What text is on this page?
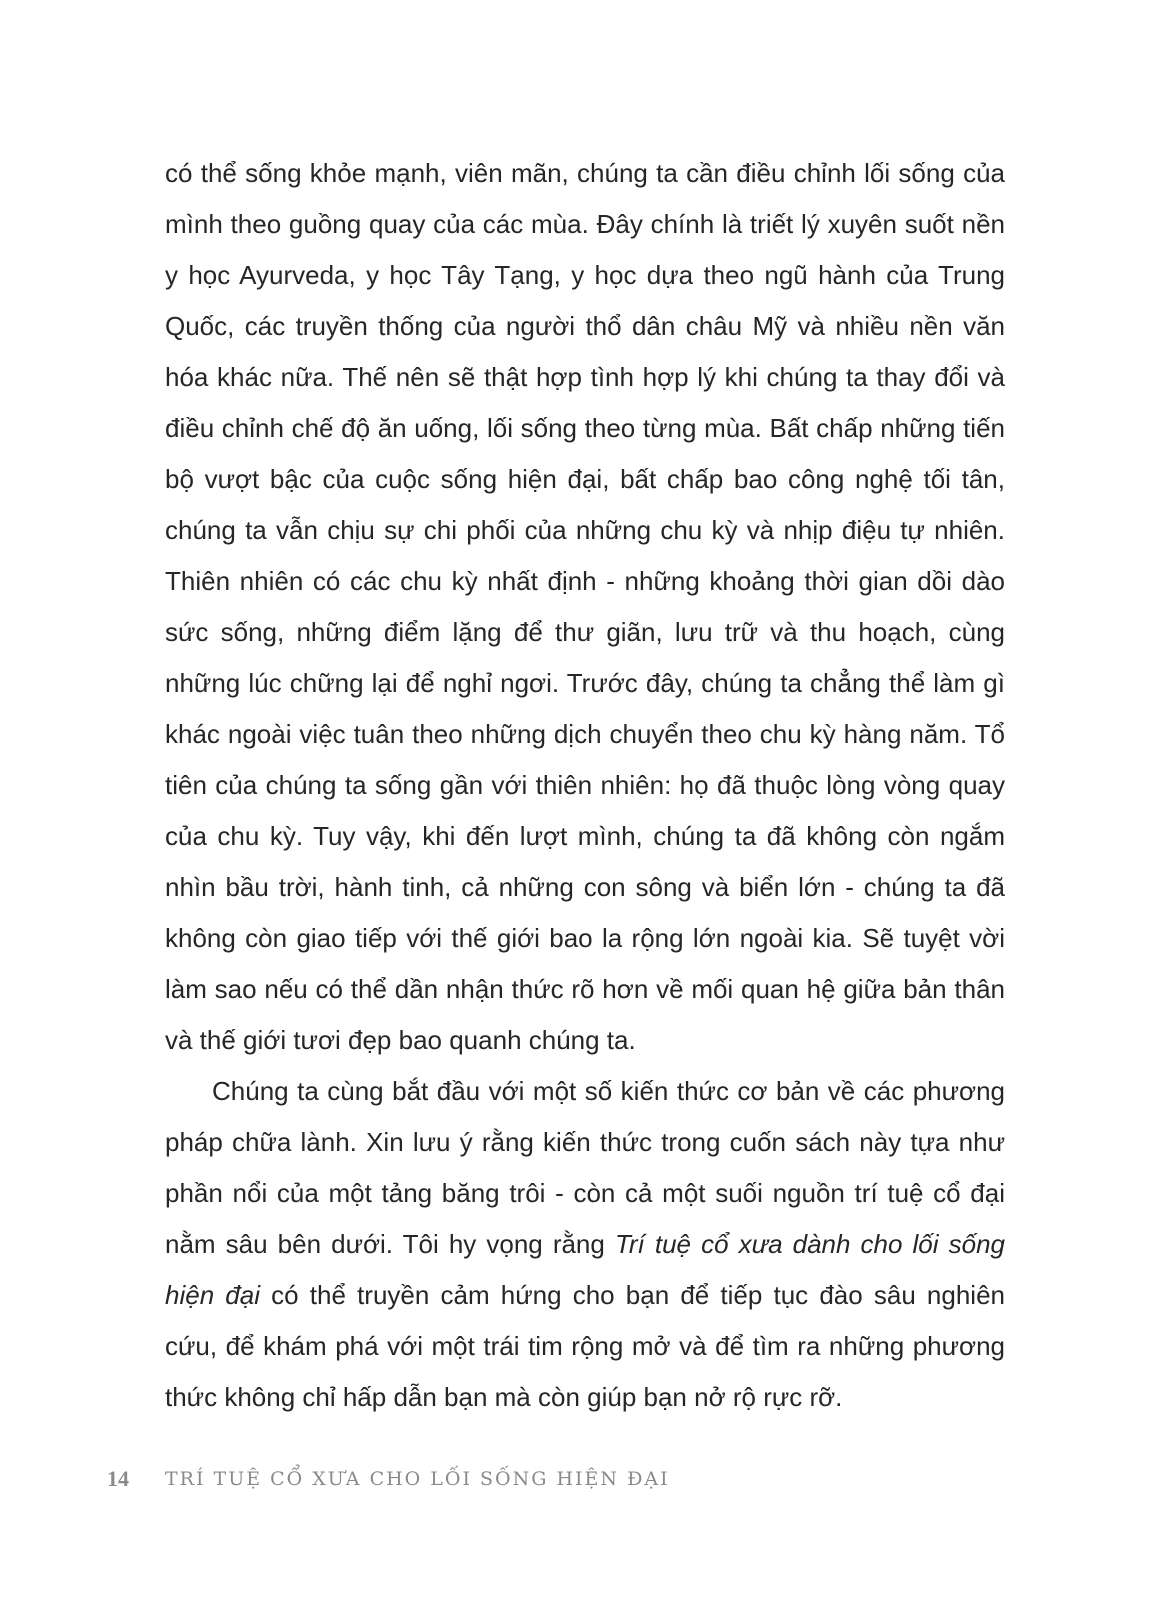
có thể sống khỏe mạnh, viên mãn, chúng ta cần điều chỉnh lối sống của mình theo guồng quay của các mùa. Đây chính là triết lý xuyên suốt nền y học Ayurveda, y học Tây Tạng, y học dựa theo ngũ hành của Trung Quốc, các truyền thống của người thổ dân châu Mỹ và nhiều nền văn hóa khác nữa. Thế nên sẽ thật hợp tình hợp lý khi chúng ta thay đổi và điều chỉnh chế độ ăn uống, lối sống theo từng mùa. Bất chấp những tiến bộ vượt bậc của cuộc sống hiện đại, bất chấp bao công nghệ tối tân, chúng ta vẫn chịu sự chi phối của những chu kỳ và nhịp điệu tự nhiên. Thiên nhiên có các chu kỳ nhất định - những khoảng thời gian dồi dào sức sống, những điểm lặng để thư giãn, lưu trữ và thu hoạch, cùng những lúc chững lại để nghỉ ngơi. Trước đây, chúng ta chẳng thể làm gì khác ngoài việc tuân theo những dịch chuyển theo chu kỳ hàng năm. Tổ tiên của chúng ta sống gần với thiên nhiên: họ đã thuộc lòng vòng quay của chu kỳ. Tuy vậy, khi đến lượt mình, chúng ta đã không còn ngắm nhìn bầu trời, hành tinh, cả những con sông và biển lớn - chúng ta đã không còn giao tiếp với thế giới bao la rộng lớn ngoài kia. Sẽ tuyệt vời làm sao nếu có thể dần nhận thức rõ hơn về mối quan hệ giữa bản thân và thế giới tươi đẹp bao quanh chúng ta.

Chúng ta cùng bắt đầu với một số kiến thức cơ bản về các phương pháp chữa lành. Xin lưu ý rằng kiến thức trong cuốn sách này tựa như phần nổi của một tảng băng trôi - còn cả một suối nguồn trí tuệ cổ đại nằm sâu bên dưới. Tôi hy vọng rằng Trí tuệ cổ xưa dành cho lối sống hiện đại có thể truyền cảm hứng cho bạn để tiếp tục đào sâu nghiên cứu, để khám phá với một trái tim rộng mở và để tìm ra những phương thức không chỉ hấp dẫn bạn mà còn giúp bạn nở rộ rực rỡ.

14	TRÍ TUỆ CỔ XƯA CHO LỐI SỐNG HIỆN ĐẠI
